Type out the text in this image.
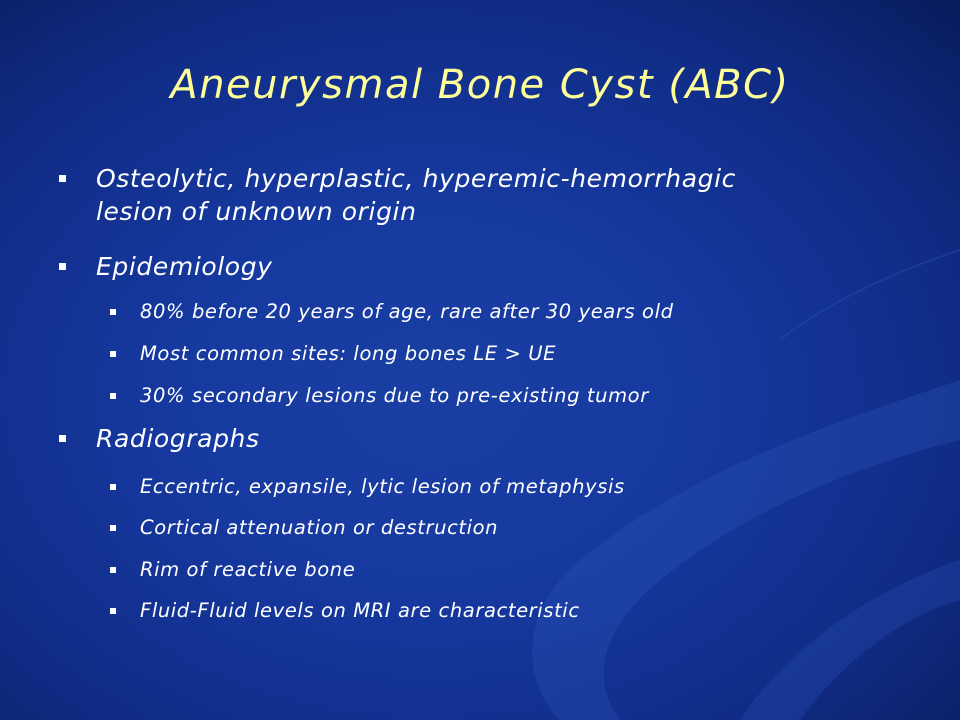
Aneurysmal Bone Cyst (ABC)
Osteolytic, hyperplastic, hyperemic-hemorrhagic
lesion of unknown origin
Epidemiology
80% before 20 years of age, rare after 30 years old
Most common sites: long bones LE > UE
30% secondary lesions due to pre-existing tumor
Radiographs
Eccentric, expansile, lytic lesion of metaphysis
Cortical attenuation or destruction
Rim of reactive bone
Fluid-Fluid levels on MRI are characteristic
